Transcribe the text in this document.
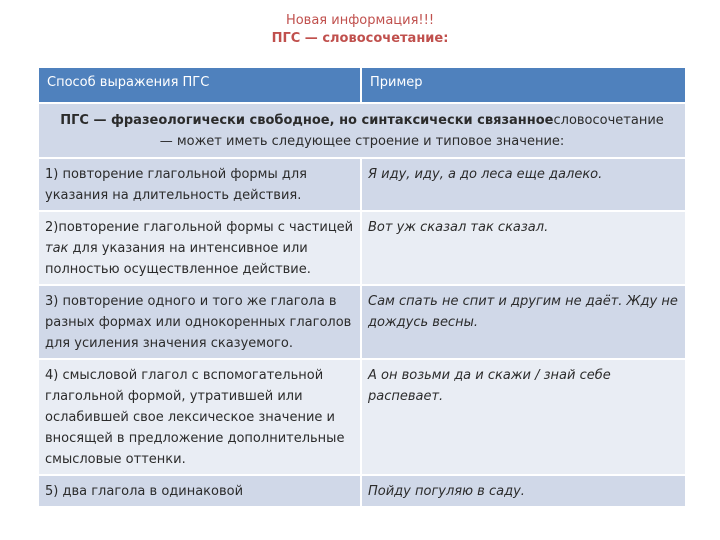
Новая информация!!!
ПГС — словосочетание:
Способ выражения ПГС	Пример
ПГС — фразеологически свободное, но синтаксически связанноесловосочетание — может иметь следующее строение и типовое значение:	
1) повторение глагольной формы для указания на длительность действия.	Я иду, иду, а до леса еще далеко.
2)повторение глагольной формы с частицей так для указания на интенсивное или полностью осуществленное действие.	Вот уж сказал так сказал.
3) повторение одного и того же глагола в разных формах или однокоренных глаголов для усиления значения сказуемого.	Сам спать не спит и другим не даёт. Жду не дождусь весны.
4) смысловой глагол с вспомогательной глагольной формой, утратившей или ослабившей свое лексическое значение и вносящей в предложение дополнительные смысловые оттенки.	А он возьми да и скажи / знай себе распевает.
5) два глагола в одинаковой	Пойду погуляю в саду.
